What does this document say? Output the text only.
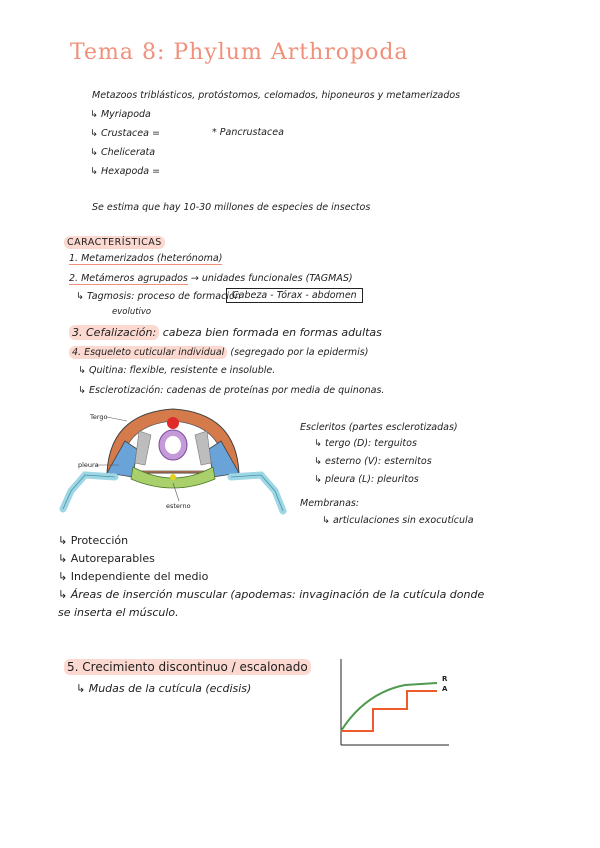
Tema 8: Phylum Arthropoda
Metazoos triblásticos, protóstomos, celomados, hiponeuros y metamerizados
↳ Myriapoda
↳ Crustacea =	* Pancrustacea
↳ Chelicerata
↳ Hexapoda =
Se estima que hay 10-30 millones de especies de insectos
CARACTERÍSTICAS
1. Metamerizados (heterónoma)
2. Metámeros agrupados → unidades funcionales (TAGMAS)
↳ Tagmosis: proceso de formación
evolutivo
Cabeza - Tórax - abdomen
3. Cefalización: cabeza bien formada en formas adultas
4. Esqueleto cuticular individual (segregado por la epidermis)
↳ Quitina: flexible, resistente e insoluble.
↳ Esclerotización: cadenas de proteínas por media de quinonas.
Tergo
pleura
esterno
Escleritos (partes esclerotizadas)
↳ tergo (D): terguitos
↳ esterno (V): esternitos
↳ pleura (L): pleuritos
Membranas:
↳ articulaciones sin exocutícula
↳ Protección
↳ Autoreparables
↳ Independiente del medio
↳ Áreas de inserción muscular (apodemas: invaginación de la cutícula donde
se inserta el músculo.
5. Crecimiento discontinuo / escalonado
↳ Mudas de la cutícula (ecdisis)
R
A
